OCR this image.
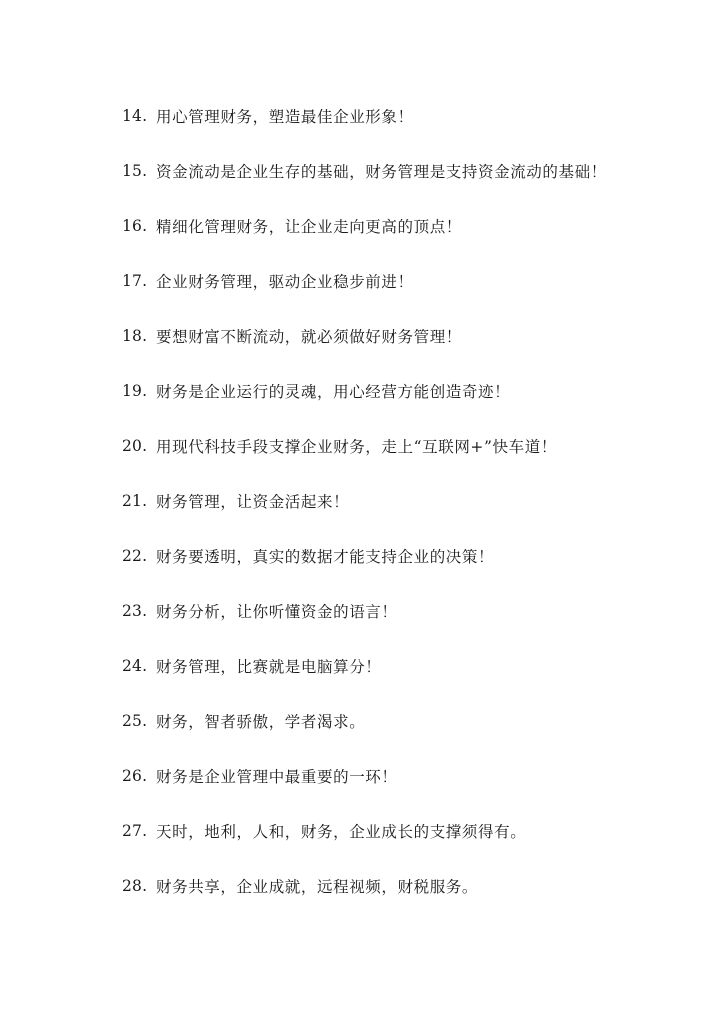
14. 用心管理财务，塑造最佳企业形象！
15. 资金流动是企业生存的基础，财务管理是支持资金流动的基础！
16. 精细化管理财务，让企业走向更高的顶点！
17. 企业财务管理，驱动企业稳步前进！
18. 要想财富不断流动，就必须做好财务管理！
19. 财务是企业运行的灵魂，用心经营方能创造奇迹！
20. 用现代科技手段支撑企业财务，走上“互联网+”快车道！
21. 财务管理，让资金活起来！
22. 财务要透明，真实的数据才能支持企业的决策！
23. 财务分析，让你听懂资金的语言！
24. 财务管理，比赛就是电脑算分！
25. 财务，智者骄傲，学者渴求。
26. 财务是企业管理中最重要的一环！
27. 天时，地利，人和，财务，企业成长的支撑须得有。
28. 财务共享，企业成就，远程视频，财税服务。
